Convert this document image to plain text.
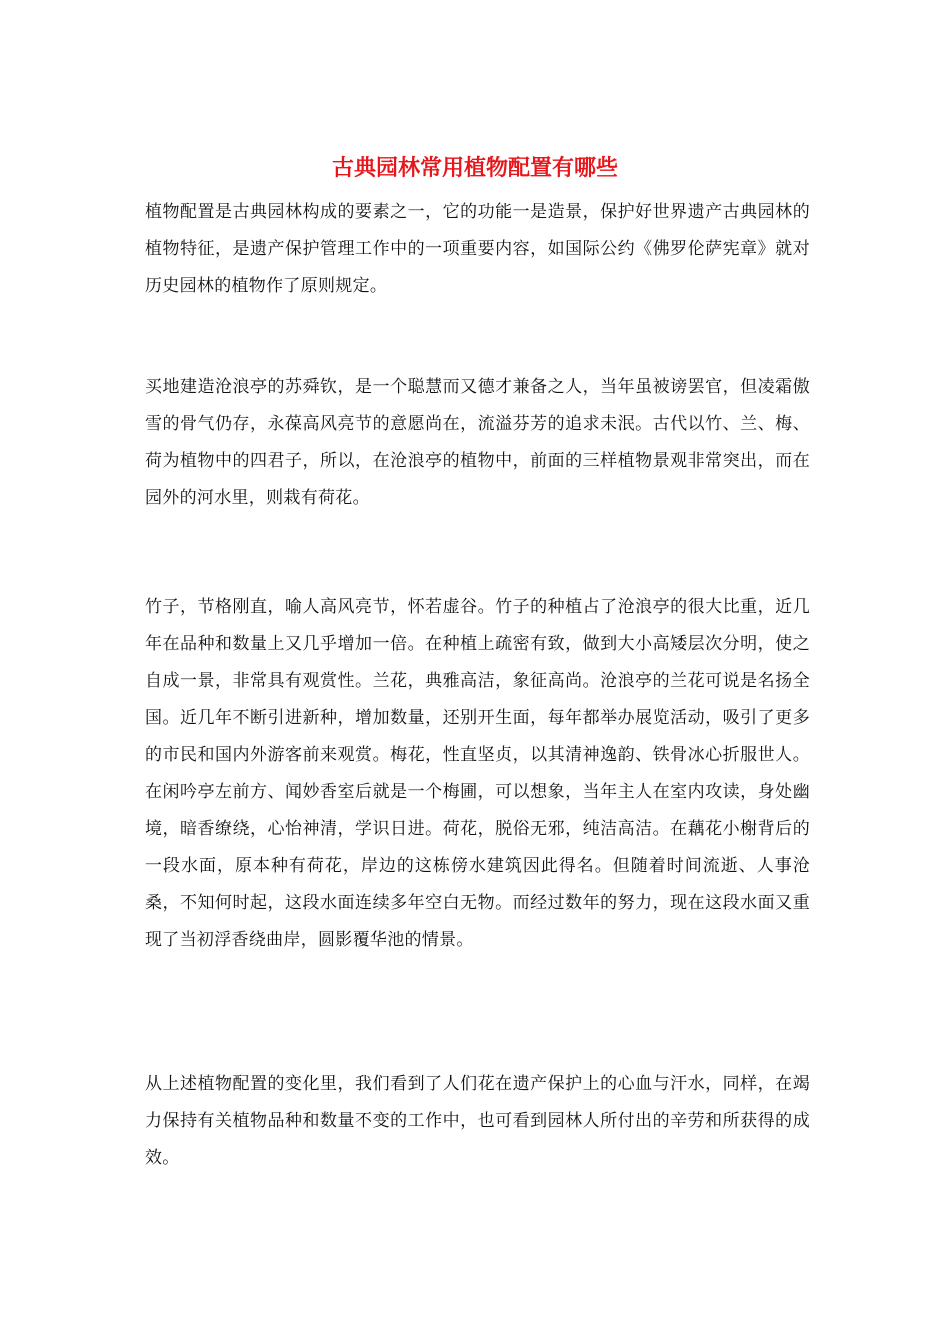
古典园林常用植物配置有哪些

植物配置是古典园林构成的要素之一，它的功能一是造景，保护好世界遗产古典园林的植物特征，是遗产保护管理工作中的一项重要内容，如国际公约《佛罗伦萨宪章》就对历史园林的植物作了原则规定。

买地建造沧浪亭的苏舜钦，是一个聪慧而又德才兼备之人，当年虽被谤罢官，但凌霜傲雪的骨气仍存，永葆高风亮节的意愿尚在，流溢芬芳的追求未泯。古代以竹、兰、梅、荷为植物中的四君子，所以，在沧浪亭的植物中，前面的三样植物景观非常突出，而在园外的河水里，则栽有荷花。

竹子，节格刚直，喻人高风亮节，怀若虚谷。竹子的种植占了沧浪亭的很大比重，近几年在品种和数量上又几乎增加一倍。在种植上疏密有致，做到大小高矮层次分明，使之自成一景，非常具有观赏性。兰花，典雅高洁，象征高尚。沧浪亭的兰花可说是名扬全国。近几年不断引进新种，增加数量，还别开生面，每年都举办展览活动，吸引了更多的市民和国内外游客前来观赏。梅花，性直坚贞，以其清神逸韵、铁骨冰心折服世人。在闲吟亭左前方、闻妙香室后就是一个梅圃，可以想象，当年主人在室内攻读，身处幽境，暗香缭绕，心怡神清，学识日进。荷花，脱俗无邪，纯洁高洁。在藕花小榭背后的一段水面，原本种有荷花，岸边的这栋傍水建筑因此得名。但随着时间流逝、人事沧桑，不知何时起，这段水面连续多年空白无物。而经过数年的努力，现在这段水面又重现了当初浮香绕曲岸，圆影覆华池的情景。

从上述植物配置的变化里，我们看到了人们花在遗产保护上的心血与汗水，同样，在竭力保持有关植物品种和数量不变的工作中，也可看到园林人所付出的辛劳和所获得的成效。
